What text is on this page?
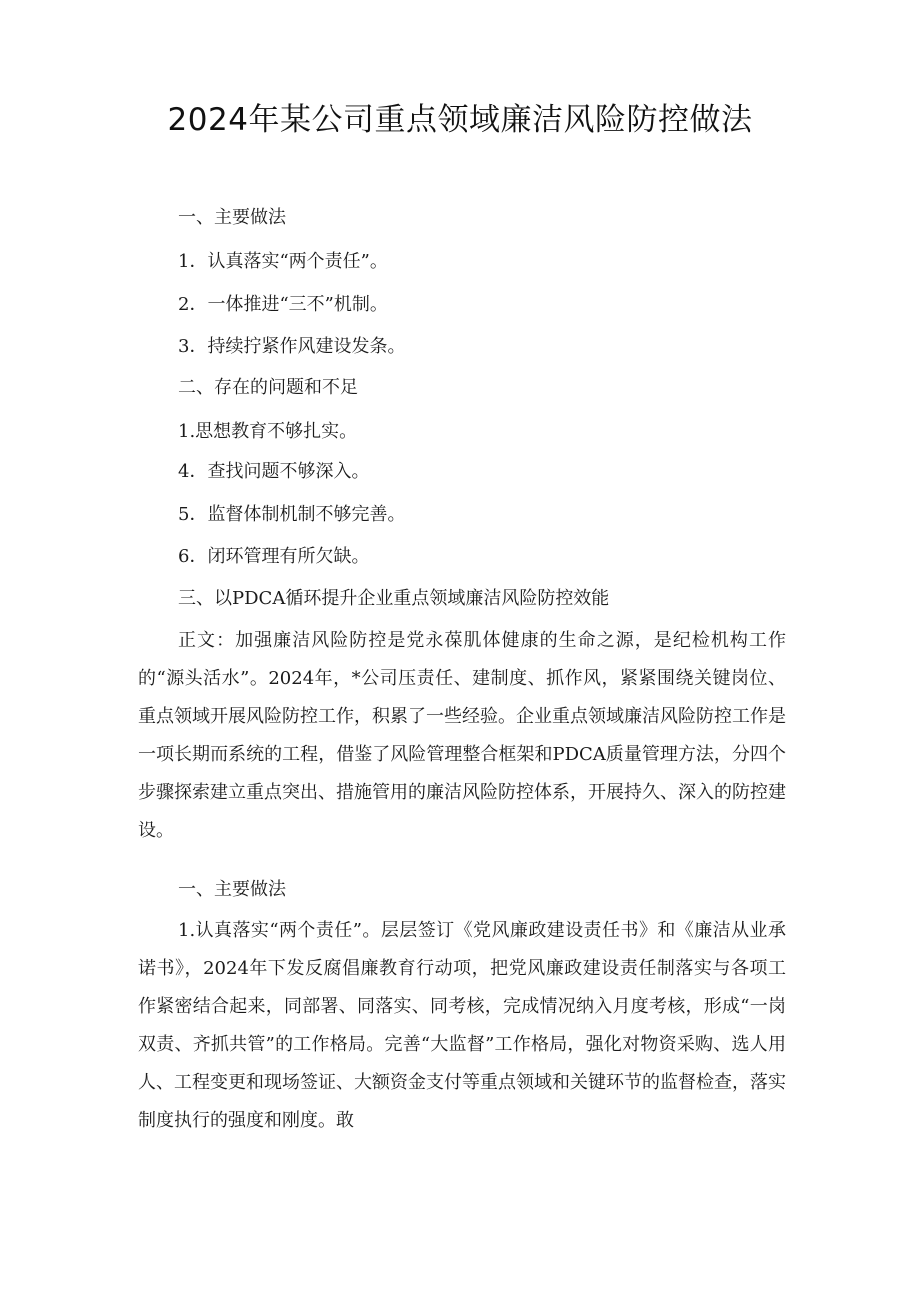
2024年某公司重点领域廉洁风险防控做法
一、主要做法
1．认真落实“两个责任”。
2．一体推进“三不”机制。
3．持续拧紧作风建设发条。
二、存在的问题和不足
1.思想教育不够扎实。
4．查找问题不够深入。
5．监督体制机制不够完善。
6．闭环管理有所欠缺。
三、以PDCA循环提升企业重点领域廉洁风险防控效能

正文：加强廉洁风险防控是党永葆肌体健康的生命之源，是纪检机构工作的“源头活水”。2024年，*公司压责任、建制度、抓作风，紧紧围绕关键岗位、重点领域开展风险防控工作，积累了一些经验。企业重点领域廉洁风险防控工作是一项长期而系统的工程，借鉴了风险管理整合框架和PDCA质量管理方法，分四个步骤探索建立重点突出、措施管用的廉洁风险防控体系，开展持久、深入的防控建设。

一、主要做法

1.认真落实“两个责任”。层层签订《党风廉政建设责任书》和《廉洁从业承诺书》，2024年下发反腐倡廉教育行动项，把党风廉政建设责任制落实与各项工作紧密结合起来，同部署、同落实、同考核，完成情况纳入月度考核，形成“一岗双责、齐抓共管”的工作格局。完善“大监督”工作格局，强化对物资采购、选人用人、工程变更和现场签证、大额资金支付等重点领域和关键环节的监督检查，落实制度执行的强度和刚度。敢
